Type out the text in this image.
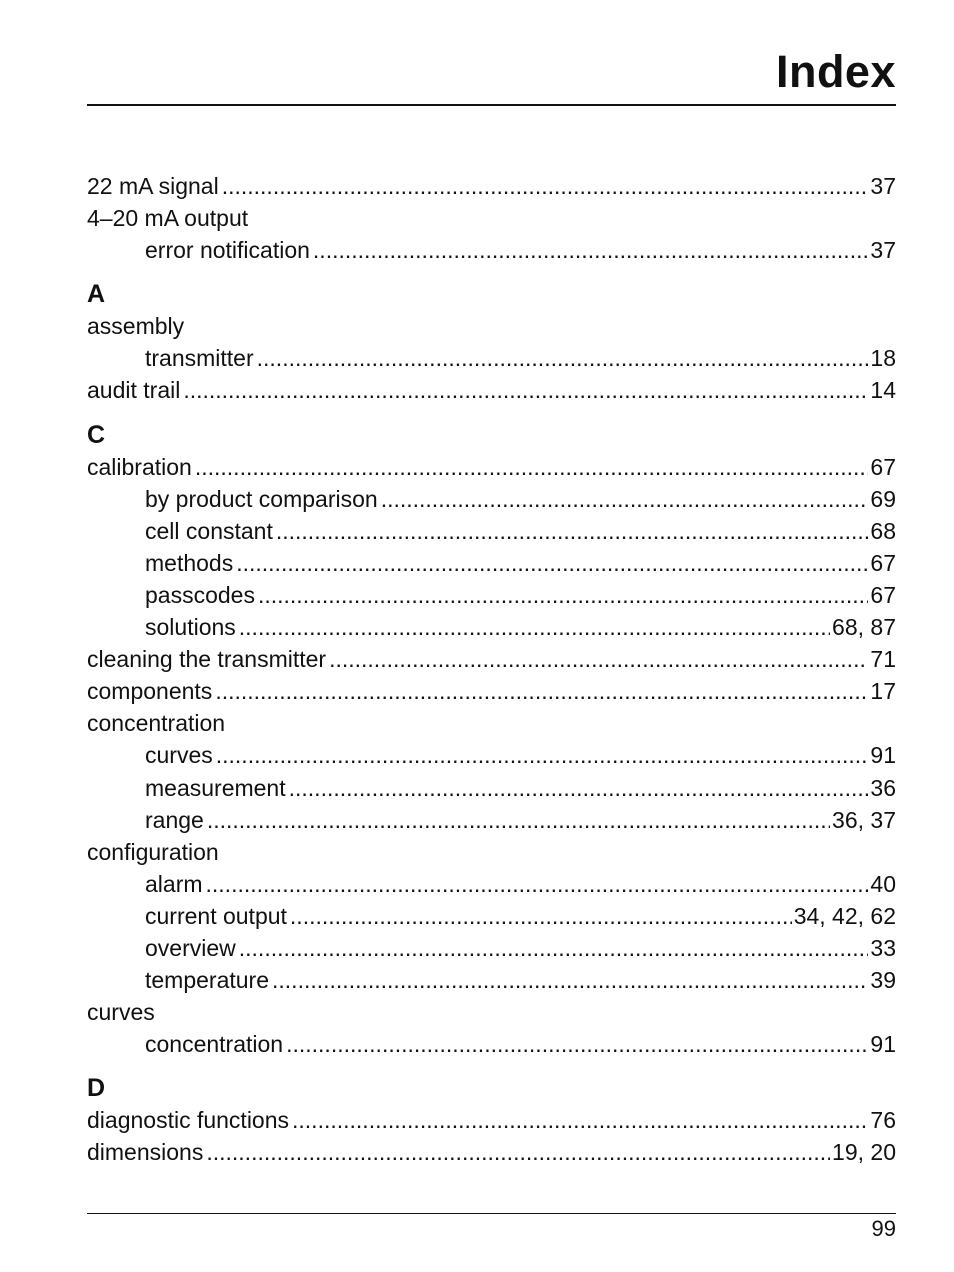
Index
22 mA signal .....	37
4–20 mA output
error notification .....	37
A
assembly
transmitter .....	18
audit trail .....	14
C
calibration .....	67
by product comparison .....	69
cell constant .....	68
methods .....	67
passcodes .....	67
solutions .....	68, 87
cleaning the transmitter .....	71
components .....	17
concentration
curves .....	91
measurement .....	36
range .....	36, 37
configuration
alarm .....	40
current output .....	34, 42, 62
overview .....	33
temperature .....	39
curves
concentration .....	91
D
diagnostic functions .....	76
dimensions .....	19, 20
99
